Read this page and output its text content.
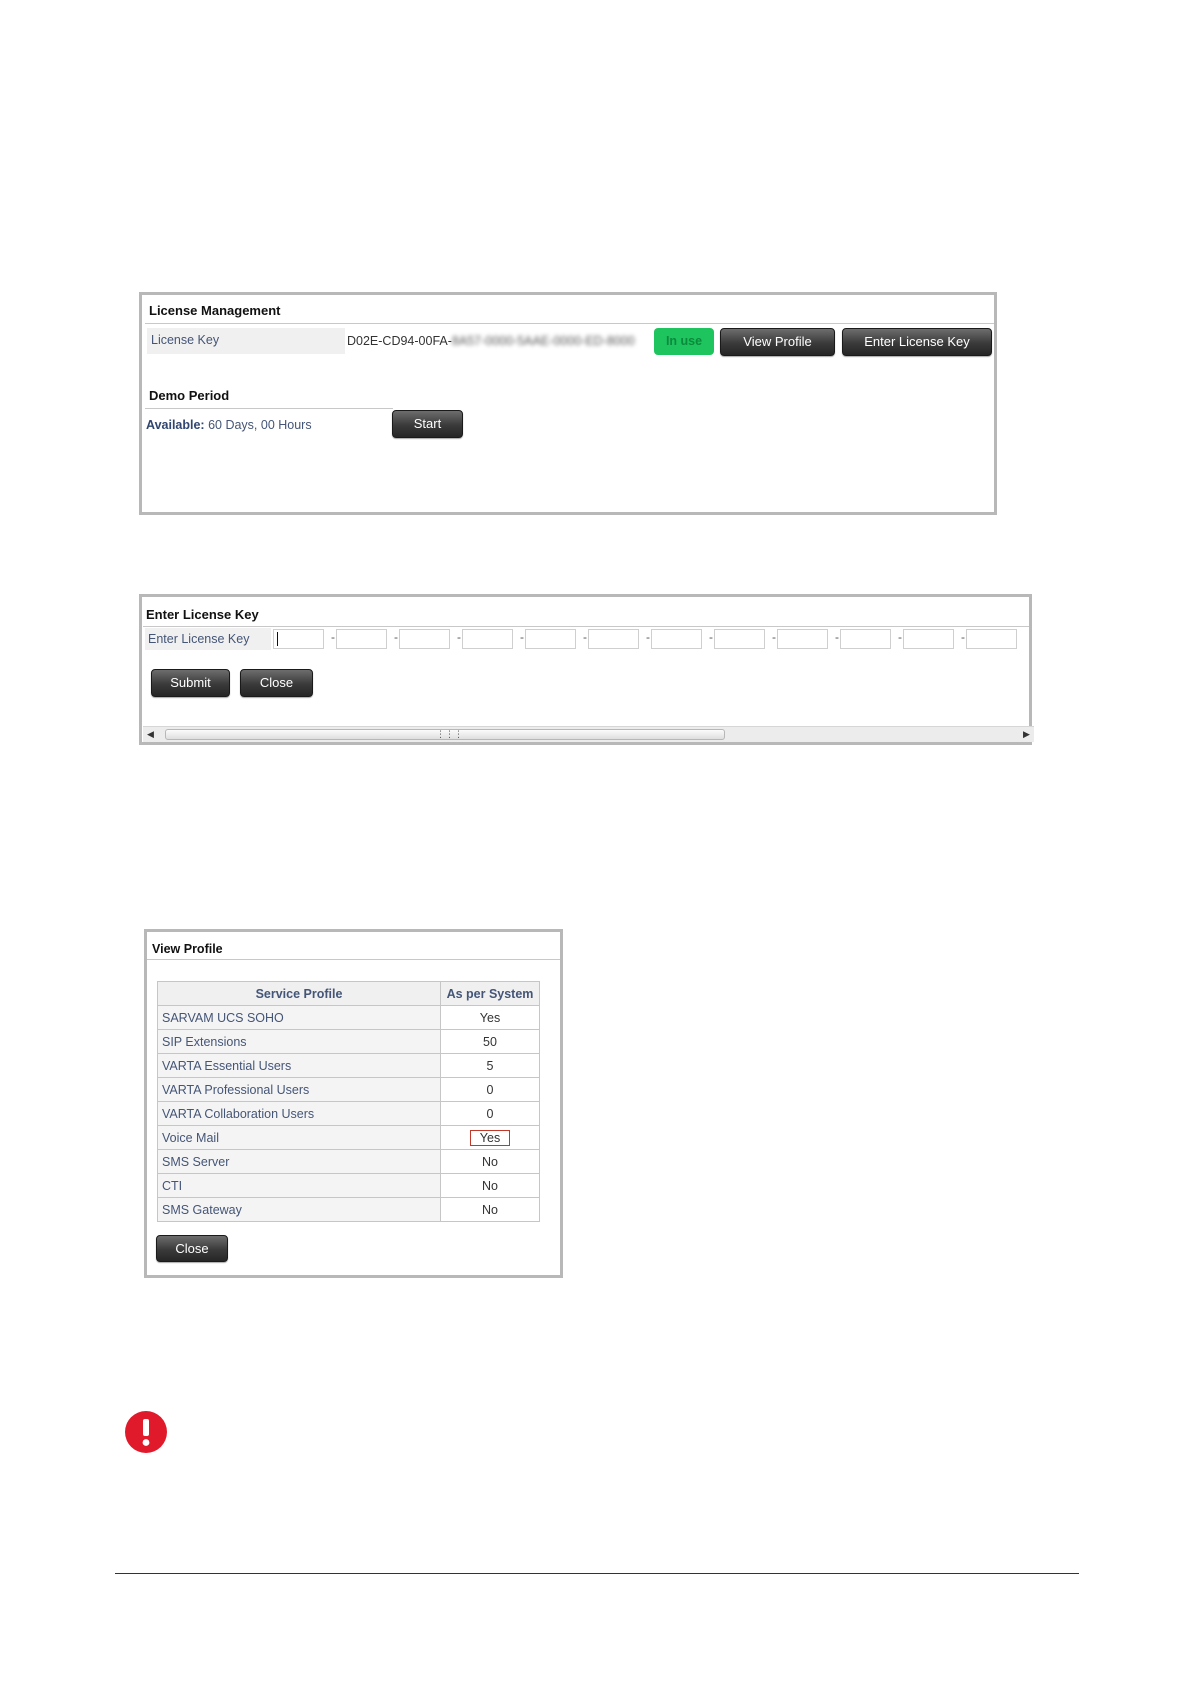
License Management
License Key	D02E-CD94-00FA-8A57-0000-5AAE-0000-ED-8000	In use	View Profile	Enter License Key
Demo Period
Available: 60 Days, 00 Hours	Start
Enter License Key
Enter License Key	-	-	-	-	-	-	-	-	-	-	-
Submit	Close
◀	⋮⋮⋮	▶
View Profile
Service Profile	As per System
SARVAM UCS SOHO	Yes
SIP Extensions	50
VARTA Essential Users	5
VARTA Professional Users	0
VARTA Collaboration Users	0
Voice Mail	Yes
SMS Server	No
CTI	No
SMS Gateway	No
Close
